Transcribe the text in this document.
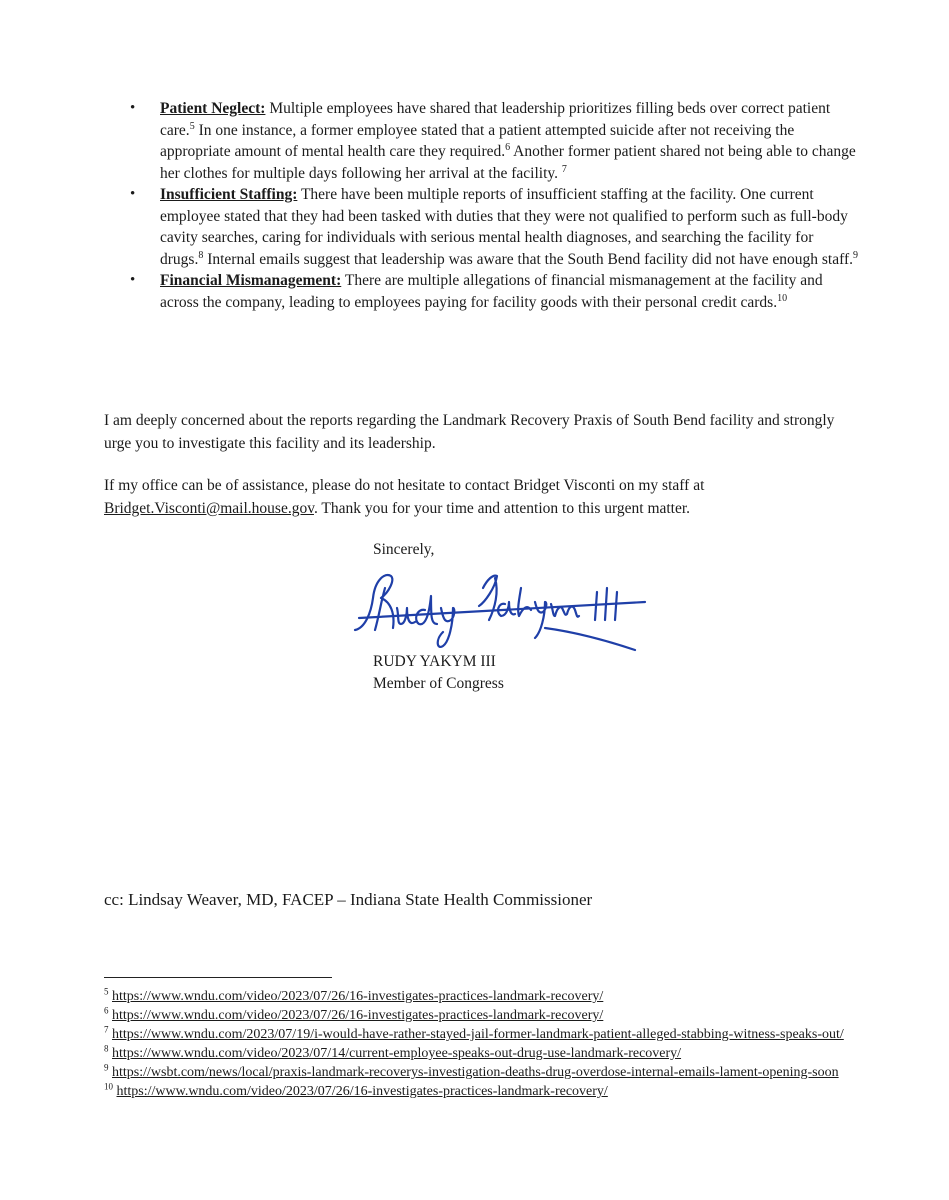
• Patient Neglect: Multiple employees have shared that leadership prioritizes filling beds over correct patient care.$^5$ In one instance, a former employee stated that a patient attempted suicide after not receiving the appropriate amount of mental health care they required.$^6$ Another former patient shared not being able to change her clothes for multiple days following her arrival at the facility. $^7$
• Insufficient Staffing: There have been multiple reports of insufficient staffing at the facility. One current employee stated that they had been tasked with duties that they were not qualified to perform such as full-body cavity searches, caring for individuals with serious mental health diagnoses, and searching the facility for drugs.$^8$ Internal emails suggest that leadership was aware that the South Bend facility did not have enough staff.$^9$
• Financial Mismanagement: There are multiple allegations of financial mismanagement at the facility and across the company, leading to employees paying for facility goods with their personal credit cards.$^{10}$

I am deeply concerned about the reports regarding the Landmark Recovery Praxis of South Bend facility and strongly urge you to investigate this facility and its leadership.

If my office can be of assistance, please do not hesitate to contact Bridget Visconti on my staff at Bridget.Visconti@mail.house.gov. Thank you for your time and attention to this urgent matter.

Sincerely,
RUDY YAKYM III
Member of Congress
cc: Lindsay Weaver, MD, FACEP – Indiana State Health Commissioner

$^5$ https://www.wndu.com/video/2023/07/26/16-investigates-practices-landmark-recovery/

$^6$ https://www.wndu.com/video/2023/07/26/16-investigates-practices-landmark-recovery/

$^7$ https://www.wndu.com/2023/07/19/i-would-have-rather-stayed-jail-former-landmark-patient-alleged-stabbing-witness-speaks-out/

$^8$ https://www.wndu.com/video/2023/07/14/current-employee-speaks-out-drug-use-landmark-recovery/

$^9$ https://wsbt.com/news/local/praxis-landmark-recoverys-investigation-deaths-drug-overdose-internal-emails-lament-opening-soon

$^{10}$ https://www.wndu.com/video/2023/07/26/16-investigates-practices-landmark-recovery/
